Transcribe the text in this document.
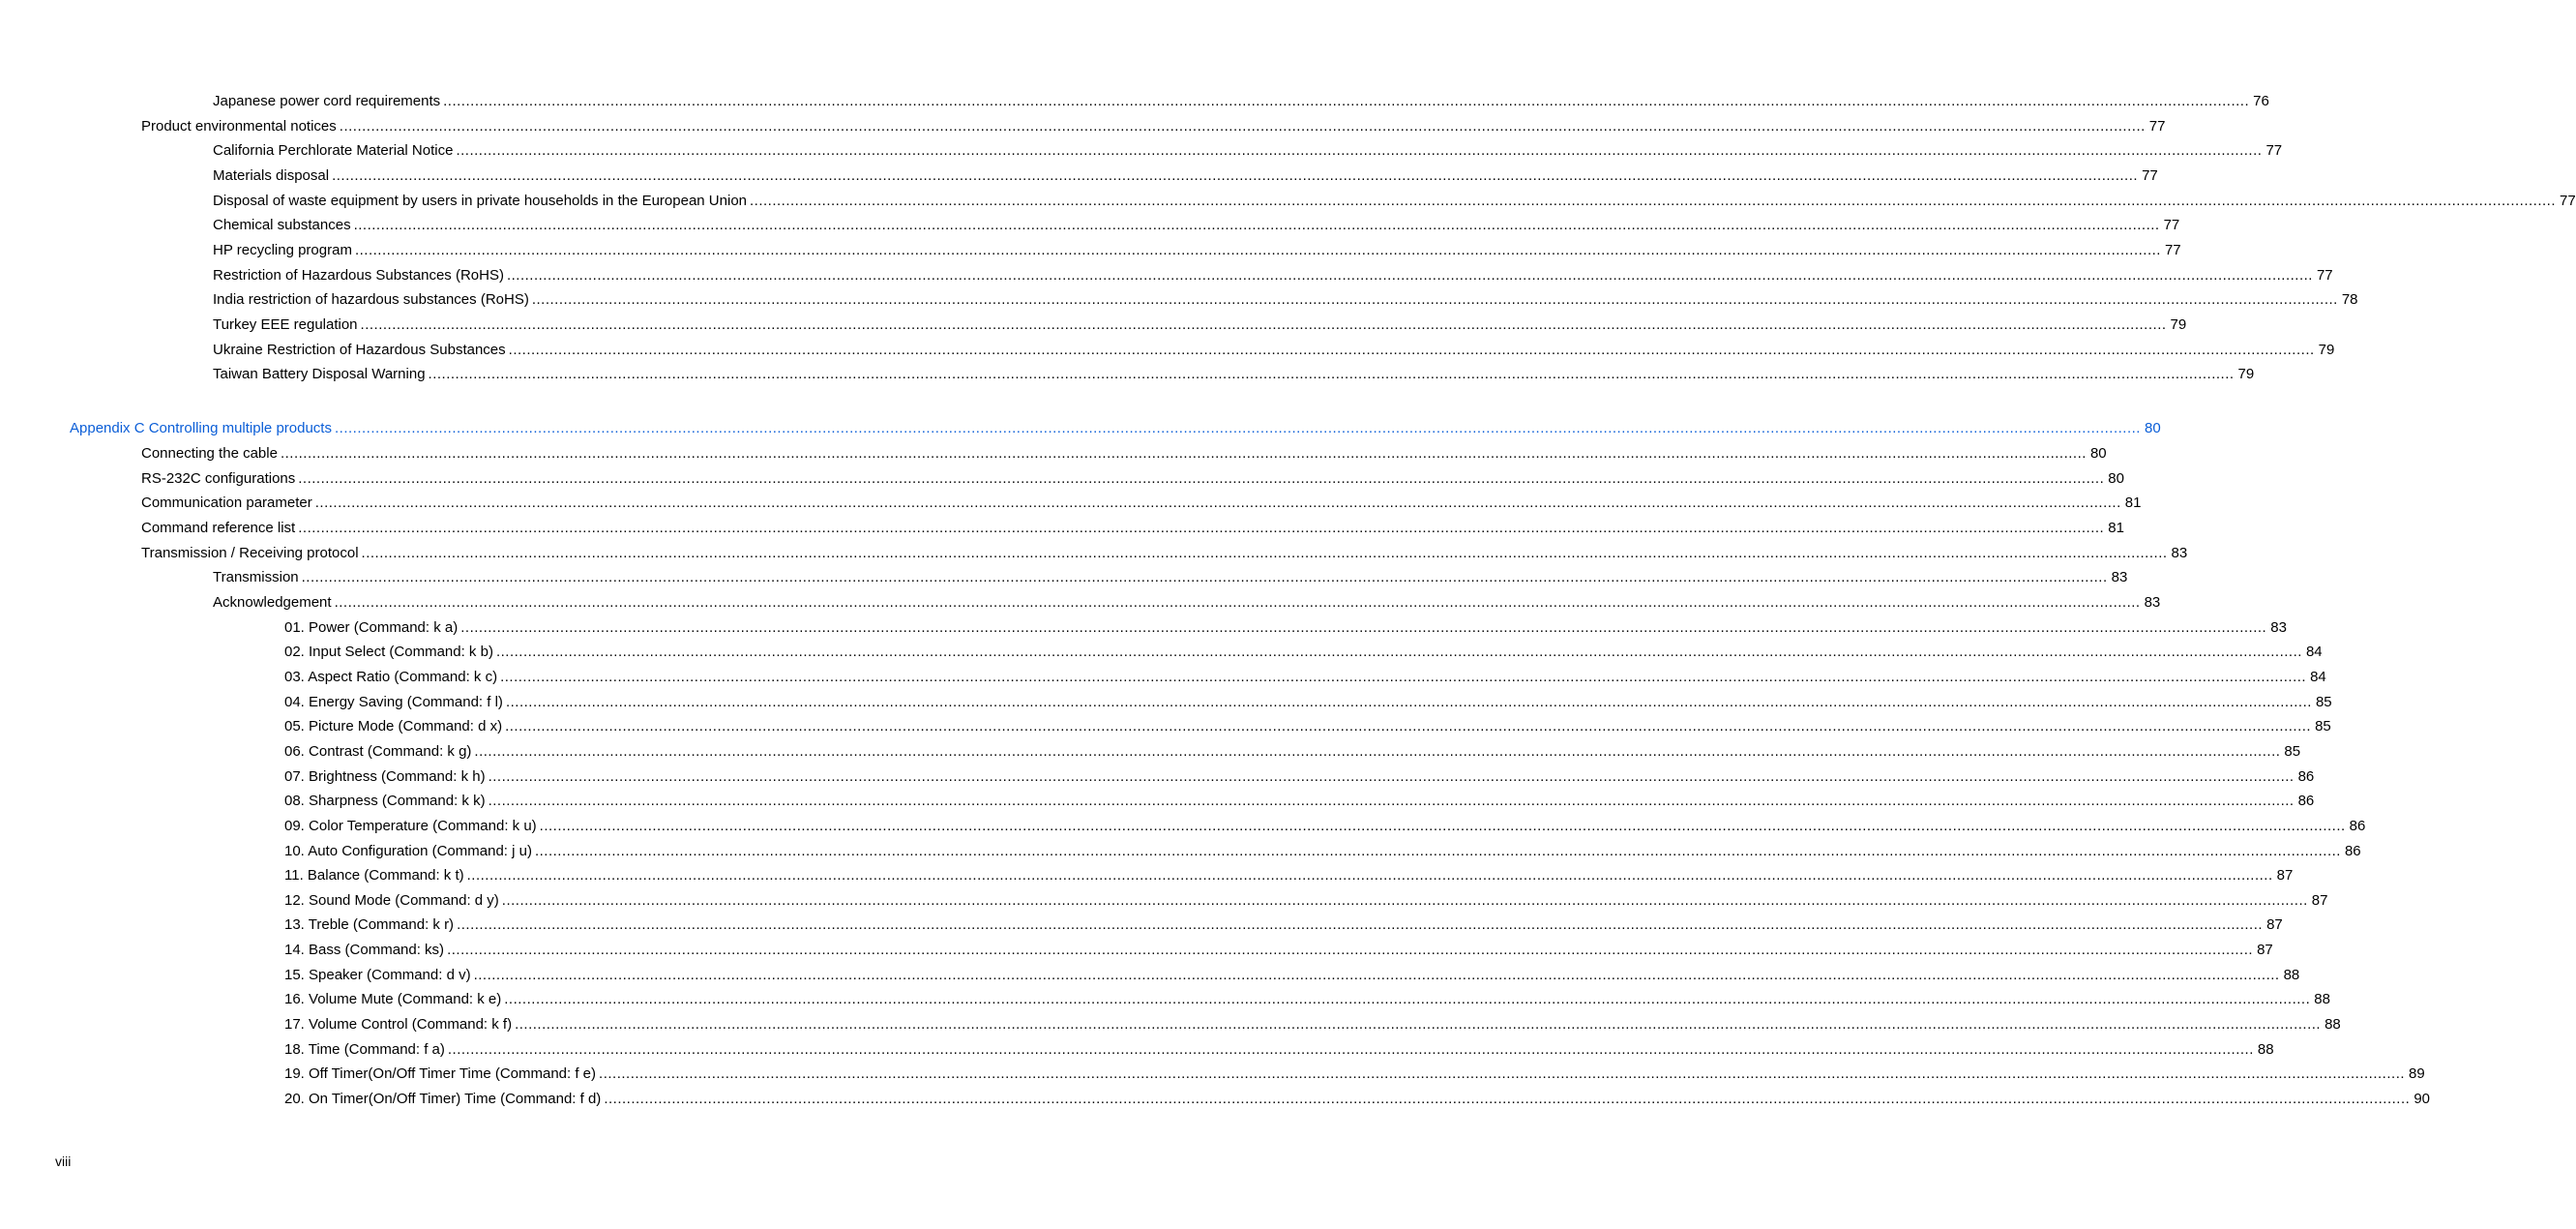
Japanese power cord requirements ................................................................................................................................................................................................................................................................................................................................................................................................................ 76
Product environmental notices ................................................................................................................................................................................................................................................................................................................................................................................................................ 77
California Perchlorate Material Notice ................................................................................................................................................................................................................................................................................................................................................................................................................ 77
Materials disposal ................................................................................................................................................................................................................................................................................................................................................................................................................ 77
Disposal of waste equipment by users in private households in the European Union ................................................................................................................................................................................................................................................................................................................................................................................................................ 77
Chemical substances ................................................................................................................................................................................................................................................................................................................................................................................................................ 77
HP recycling program ................................................................................................................................................................................................................................................................................................................................................................................................................ 77
Restriction of Hazardous Substances (RoHS) ................................................................................................................................................................................................................................................................................................................................................................................................................ 77
India restriction of hazardous substances (RoHS) ................................................................................................................................................................................................................................................................................................................................................................................................................ 78
Turkey EEE regulation ................................................................................................................................................................................................................................................................................................................................................................................................................ 79
Ukraine Restriction of Hazardous Substances ................................................................................................................................................................................................................................................................................................................................................................................................................ 79
Taiwan Battery Disposal Warning ................................................................................................................................................................................................................................................................................................................................................................................................................ 79
Appendix C Controlling multiple products ................................................................................................................................................................................................................................................................................................................................................................................................................ 80
Connecting the cable ................................................................................................................................................................................................................................................................................................................................................................................................................ 80
RS-232C configurations ................................................................................................................................................................................................................................................................................................................................................................................................................ 80
Communication parameter ................................................................................................................................................................................................................................................................................................................................................................................................................ 81
Command reference list ................................................................................................................................................................................................................................................................................................................................................................................................................ 81
Transmission / Receiving protocol ................................................................................................................................................................................................................................................................................................................................................................................................................ 83
Transmission ................................................................................................................................................................................................................................................................................................................................................................................................................ 83
Acknowledgement ................................................................................................................................................................................................................................................................................................................................................................................................................ 83
01. Power (Command: k a) ................................................................................................................................................................................................................................................................................................................................................................................................................ 83
02. Input Select (Command: k b) ................................................................................................................................................................................................................................................................................................................................................................................................................ 84
03. Aspect Ratio (Command: k c) ................................................................................................................................................................................................................................................................................................................................................................................................................ 84
04. Energy Saving (Command: f l) ................................................................................................................................................................................................................................................................................................................................................................................................................ 85
05. Picture Mode (Command: d x) ................................................................................................................................................................................................................................................................................................................................................................................................................ 85
06. Contrast (Command: k g) ................................................................................................................................................................................................................................................................................................................................................................................................................ 85
07. Brightness (Command: k h) ................................................................................................................................................................................................................................................................................................................................................................................................................ 86
08. Sharpness (Command: k k) ................................................................................................................................................................................................................................................................................................................................................................................................................ 86
09. Color Temperature (Command: k u) ................................................................................................................................................................................................................................................................................................................................................................................................................ 86
10. Auto Configuration (Command: j u) ................................................................................................................................................................................................................................................................................................................................................................................................................ 86
11. Balance (Command: k t) ................................................................................................................................................................................................................................................................................................................................................................................................................ 87
12. Sound Mode (Command: d y) ................................................................................................................................................................................................................................................................................................................................................................................................................ 87
13. Treble (Command: k r) ................................................................................................................................................................................................................................................................................................................................................................................................................ 87
14. Bass (Command: ks) ................................................................................................................................................................................................................................................................................................................................................................................................................ 87
15. Speaker (Command: d v) ................................................................................................................................................................................................................................................................................................................................................................................................................ 88
16. Volume Mute (Command: k e) ................................................................................................................................................................................................................................................................................................................................................................................................................ 88
17. Volume Control (Command: k f) ................................................................................................................................................................................................................................................................................................................................................................................................................ 88
18. Time (Command: f a) ................................................................................................................................................................................................................................................................................................................................................................................................................ 88
19. Off Timer(On/Off Timer Time (Command: f e) ................................................................................................................................................................................................................................................................................................................................................................................................................ 89
20. On Timer(On/Off Timer) Time (Command: f d) ................................................................................................................................................................................................................................................................................................................................................................................................................ 90
viii
